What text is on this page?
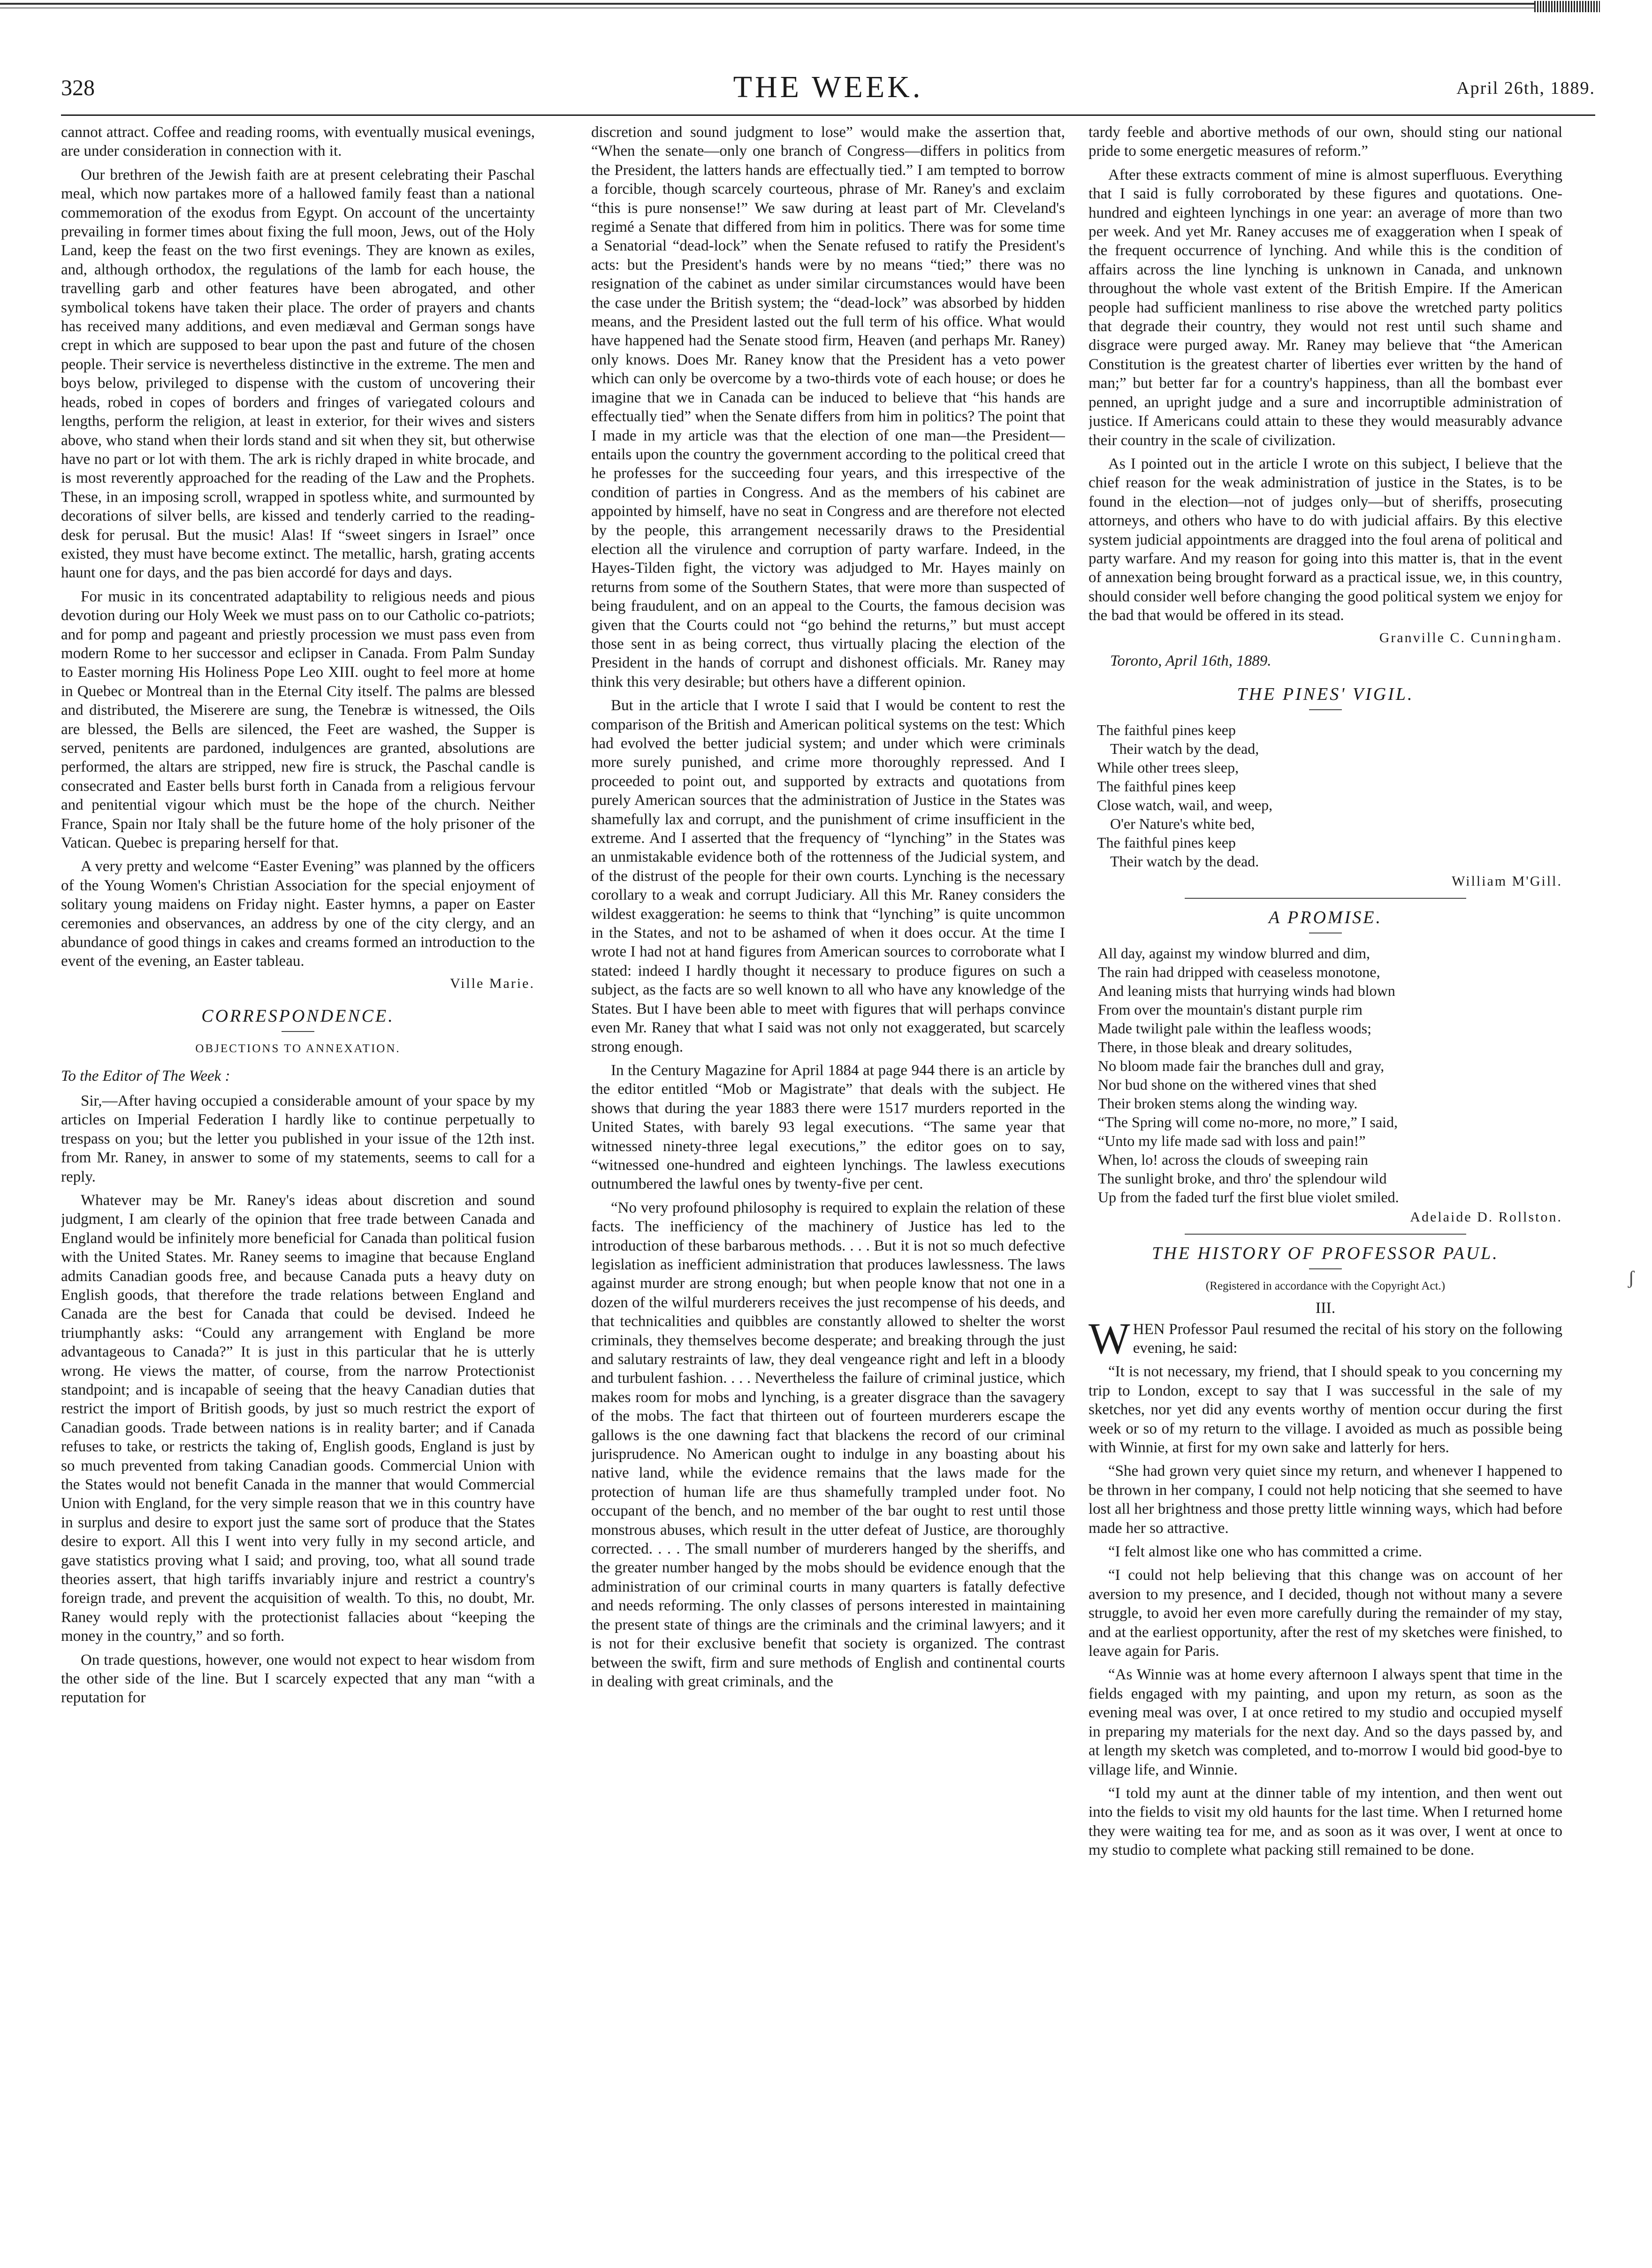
328	THE WEEK.	April 26th, 1889.

cannot attract. Coffee and reading rooms, with eventually musical evenings, are under consideration in connection with it.

Our brethren of the Jewish faith are at present celebrating their Paschal meal, which now partakes more of a hallowed family feast than a national commemoration of the exodus from Egypt. On account of the uncertainty prevailing in former times about fixing the full moon, Jews, out of the Holy Land, keep the feast on the two first evenings. They are known as exiles, and, although orthodox, the regulations of the lamb for each house, the travelling garb and other features have been abrogated, and other symbolical tokens have taken their place. The order of prayers and chants has received many additions, and even mediæval and German songs have crept in which are supposed to bear upon the past and future of the chosen people. Their service is nevertheless distinctive in the extreme. The men and boys below, privileged to dispense with the custom of uncovering their heads, robed in copes of borders and fringes of variegated colours and lengths, perform the religion, at least in exterior, for their wives and sisters above, who stand when their lords stand and sit when they sit, but otherwise have no part or lot with them. The ark is richly draped in white brocade, and is most reverently approached for the reading of the Law and the Prophets. These, in an imposing scroll, wrapped in spotless white, and surmounted by decorations of silver bells, are kissed and tenderly carried to the reading-desk for perusal. But the music! Alas! If “sweet singers in Israel” once existed, they must have become extinct. The metallic, harsh, grating accents haunt one for days, and the pas bien accordé for days and days.

For music in its concentrated adaptability to religious needs and pious devotion during our Holy Week we must pass on to our Catholic co-patriots; and for pomp and pageant and priestly procession we must pass even from modern Rome to her successor and eclipser in Canada. From Palm Sunday to Easter morning His Holiness Pope Leo XIII. ought to feel more at home in Quebec or Montreal than in the Eternal City itself. The palms are blessed and distributed, the Miserere are sung, the Tenebræ is witnessed, the Oils are blessed, the Bells are silenced, the Feet are washed, the Supper is served, penitents are pardoned, indulgences are granted, absolutions are performed, the altars are stripped, new fire is struck, the Paschal candle is consecrated and Easter bells burst forth in Canada from a religious fervour and penitential vigour which must be the hope of the church. Neither France, Spain nor Italy shall be the future home of the holy prisoner of the Vatican. Quebec is preparing herself for that.

A very pretty and welcome “Easter Evening” was planned by the officers of the Young Women's Christian Association for the special enjoyment of solitary young maidens on Friday night. Easter hymns, a paper on Easter ceremonies and observances, an address by one of the city clergy, and an abundance of good things in cakes and creams formed an introduction to the event of the evening, an Easter tableau.

Ville Marie.
CORRESPONDENCE.
OBJECTIONS TO ANNEXATION.
To the Editor of The Week :

Sir,—After having occupied a considerable amount of your space by my articles on Imperial Federation I hardly like to continue perpetually to trespass on you; but the letter you published in your issue of the 12th inst. from Mr. Raney, in answer to some of my statements, seems to call for a reply.

Whatever may be Mr. Raney's ideas about discretion and sound judgment, I am clearly of the opinion that free trade between Canada and England would be infinitely more beneficial for Canada than political fusion with the United States. Mr. Raney seems to imagine that because England admits Canadian goods free, and because Canada puts a heavy duty on English goods, that therefore the trade relations between England and Canada are the best for Canada that could be devised. Indeed he triumphantly asks: “Could any arrangement with England be more advantageous to Canada?” It is just in this particular that he is utterly wrong. He views the matter, of course, from the narrow Protectionist standpoint; and is incapable of seeing that the heavy Canadian duties that restrict the import of British goods, by just so much restrict the export of Canadian goods. Trade between nations is in reality barter; and if Canada refuses to take, or restricts the taking of, English goods, England is just by so much prevented from taking Canadian goods. Commercial Union with the States would not benefit Canada in the manner that would Commercial Union with England, for the very simple reason that we in this country have in surplus and desire to export just the same sort of produce that the States desire to export. All this I went into very fully in my second article, and gave statistics proving what I said; and proving, too, what all sound trade theories assert, that high tariffs invariably injure and restrict a country's foreign trade, and prevent the acquisition of wealth. To this, no doubt, Mr. Raney would reply with the protectionist fallacies about “keeping the money in the country,” and so forth.

On trade questions, however, one would not expect to hear wisdom from the other side of the line. But I scarcely expected that any man “with a reputation for

discretion and sound judgment to lose” would make the assertion that, “When the senate—only one branch of Congress—differs in politics from the President, the latters hands are effectually tied.” I am tempted to borrow a forcible, though scarcely courteous, phrase of Mr. Raney's and exclaim “this is pure nonsense!” We saw during at least part of Mr. Cleveland's regimé a Senate that differed from him in politics. There was for some time a Senatorial “dead-lock” when the Senate refused to ratify the President's acts: but the President's hands were by no means “tied;” there was no resignation of the cabinet as under similar circumstances would have been the case under the British system; the “dead-lock” was absorbed by hidden means, and the President lasted out the full term of his office. What would have happened had the Senate stood firm, Heaven (and perhaps Mr. Raney) only knows. Does Mr. Raney know that the President has a veto power which can only be overcome by a two-thirds vote of each house; or does he imagine that we in Canada can be induced to believe that “his hands are effectually tied” when the Senate differs from him in politics? The point that I made in my article was that the election of one man—the President—entails upon the country the government according to the political creed that he professes for the succeeding four years, and this irrespective of the condition of parties in Congress. And as the members of his cabinet are appointed by himself, have no seat in Congress and are therefore not elected by the people, this arrangement necessarily draws to the Presidential election all the virulence and corruption of party warfare. Indeed, in the Hayes-Tilden fight, the victory was adjudged to Mr. Hayes mainly on returns from some of the Southern States, that were more than suspected of being fraudulent, and on an appeal to the Courts, the famous decision was given that the Courts could not “go behind the returns,” but must accept those sent in as being correct, thus virtually placing the election of the President in the hands of corrupt and dishonest officials. Mr. Raney may think this very desirable; but others have a different opinion.

But in the article that I wrote I said that I would be content to rest the comparison of the British and American political systems on the test: Which had evolved the better judicial system; and under which were criminals more surely punished, and crime more thoroughly repressed. And I proceeded to point out, and supported by extracts and quotations from purely American sources that the administration of Justice in the States was shamefully lax and corrupt, and the punishment of crime insufficient in the extreme. And I asserted that the frequency of “lynching” in the States was an unmistakable evidence both of the rottenness of the Judicial system, and of the distrust of the people for their own courts. Lynching is the necessary corollary to a weak and corrupt Judiciary. All this Mr. Raney considers the wildest exaggeration: he seems to think that “lynching” is quite uncommon in the States, and not to be ashamed of when it does occur. At the time I wrote I had not at hand figures from American sources to corroborate what I stated: indeed I hardly thought it necessary to produce figures on such a subject, as the facts are so well known to all who have any knowledge of the States. But I have been able to meet with figures that will perhaps convince even Mr. Raney that what I said was not only not exaggerated, but scarcely strong enough.

In the Century Magazine for April 1884 at page 944 there is an article by the editor entitled “Mob or Magistrate” that deals with the subject. He shows that during the year 1883 there were 1517 murders reported in the United States, with barely 93 legal executions. “The same year that witnessed ninety-three legal executions,” the editor goes on to say, “witnessed one-hundred and eighteen lynchings. The lawless executions outnumbered the lawful ones by twenty-five per cent.

“No very profound philosophy is required to explain the relation of these facts. The inefficiency of the machinery of Justice has led to the introduction of these barbarous methods. . . . But it is not so much defective legislation as inefficient administration that produces lawlessness. The laws against murder are strong enough; but when people know that not one in a dozen of the wilful murderers receives the just recompense of his deeds, and that technicalities and quibbles are constantly allowed to shelter the worst criminals, they themselves become desperate; and breaking through the just and salutary restraints of law, they deal vengeance right and left in a bloody and turbulent fashion. . . . Nevertheless the failure of criminal justice, which makes room for mobs and lynching, is a greater disgrace than the savagery of the mobs. The fact that thirteen out of fourteen murderers escape the gallows is the one dawning fact that blackens the record of our criminal jurisprudence. No American ought to indulge in any boasting about his native land, while the evidence remains that the laws made for the protection of human life are thus shamefully trampled under foot. No occupant of the bench, and no member of the bar ought to rest until those monstrous abuses, which result in the utter defeat of Justice, are thoroughly corrected. . . . The small number of murderers hanged by the sheriffs, and the greater number hanged by the mobs should be evidence enough that the administration of our criminal courts in many quarters is fatally defective and needs reforming. The only classes of persons interested in maintaining the present state of things are the criminals and the criminal lawyers; and it is not for their exclusive benefit that society is organized. The contrast between the swift, firm and sure methods of English and continental courts in dealing with great criminals, and the

tardy feeble and abortive methods of our own, should sting our national pride to some energetic measures of reform.”

After these extracts comment of mine is almost superfluous. Everything that I said is fully corroborated by these figures and quotations. One-hundred and eighteen lynchings in one year: an average of more than two per week. And yet Mr. Raney accuses me of exaggeration when I speak of the frequent occurrence of lynching. And while this is the condition of affairs across the line lynching is unknown in Canada, and unknown throughout the whole vast extent of the British Empire. If the American people had sufficient manliness to rise above the wretched party politics that degrade their country, they would not rest until such shame and disgrace were purged away. Mr. Raney may believe that “the American Constitution is the greatest charter of liberties ever written by the hand of man;” but better far for a country's happiness, than all the bombast ever penned, an upright judge and a sure and incorruptible administration of justice. If Americans could attain to these they would measurably advance their country in the scale of civilization.

As I pointed out in the article I wrote on this subject, I believe that the chief reason for the weak administration of justice in the States, is to be found in the election—not of judges only—but of sheriffs, prosecuting attorneys, and others who have to do with judicial affairs. By this elective system judicial appointments are dragged into the foul arena of political and party warfare. And my reason for going into this matter is, that in the event of annexation being brought forward as a practical issue, we, in this country, should consider well before changing the good political system we enjoy for the bad that would be offered in its stead.

Granville C. Cunningham.
Toronto, April 16th, 1889.
THE PINES' VIGIL.
The faithful pines keep
Their watch by the dead,
While other trees sleep,
The faithful pines keep
Close watch, wail, and weep,
O'er Nature's white bed,
The faithful pines keep
Their watch by the dead.
William M'Gill.
A PROMISE.
All day, against my window blurred and dim,
The rain had dripped with ceaseless monotone,
And leaning mists that hurrying winds had blown
From over the mountain's distant purple rim
Made twilight pale within the leafless woods;
There, in those bleak and dreary solitudes,
No bloom made fair the branches dull and gray,
Nor bud shone on the withered vines that shed
Their broken stems along the winding way.
“The Spring will come no-more, no more,” I said,
“Unto my life made sad with loss and pain!”
When, lo! across the clouds of sweeping rain
The sunlight broke, and thro' the splendour wild
Up from the faded turf the first blue violet smiled.
Adelaide D. Rollston.
THE HISTORY OF PROFESSOR PAUL.
(Registered in accordance with the Copyright Act.)
III.

WHEN Professor Paul resumed the recital of his story on the following evening, he said:

“It is not necessary, my friend, that I should speak to you concerning my trip to London, except to say that I was successful in the sale of my sketches, nor yet did any events worthy of mention occur during the first week or so of my return to the village. I avoided as much as possible being with Winnie, at first for my own sake and latterly for hers.

“She had grown very quiet since my return, and whenever I happened to be thrown in her company, I could not help noticing that she seemed to have lost all her brightness and those pretty little winning ways, which had before made her so attractive.

“I felt almost like one who has committed a crime.

“I could not help believing that this change was on account of her aversion to my presence, and I decided, though not without many a severe struggle, to avoid her even more carefully during the remainder of my stay, and at the earliest opportunity, after the rest of my sketches were finished, to leave again for Paris.

“As Winnie was at home every afternoon I always spent that time in the fields engaged with my painting, and upon my return, as soon as the evening meal was over, I at once retired to my studio and occupied myself in preparing my materials for the next day. And so the days passed by, and at length my sketch was completed, and to-morrow I would bid good-bye to village life, and Winnie.

“I told my aunt at the dinner table of my intention, and then went out into the fields to visit my old haunts for the last time. When I returned home they were waiting tea for me, and as soon as it was over, I went at once to my studio to complete what packing still remained to be done.

ʃ
